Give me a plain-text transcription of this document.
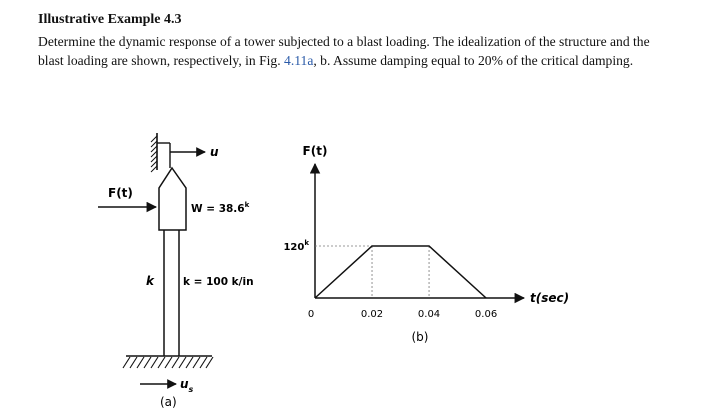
Illustrative Example 4.3
Determine the dynamic response of a tower subjected to a blast loading. The idealization of the structure and the blast loading are shown, respectively, in Fig. 4.11a, b. Assume damping equal to 20% of the critical damping.
u
F(t)
$W = 38.6^k$
k	k = 100 k/in
$u_s$
(a)
F(t)
t(sec)
120$^k$
0	0.02	0.04	0.06
(b)
